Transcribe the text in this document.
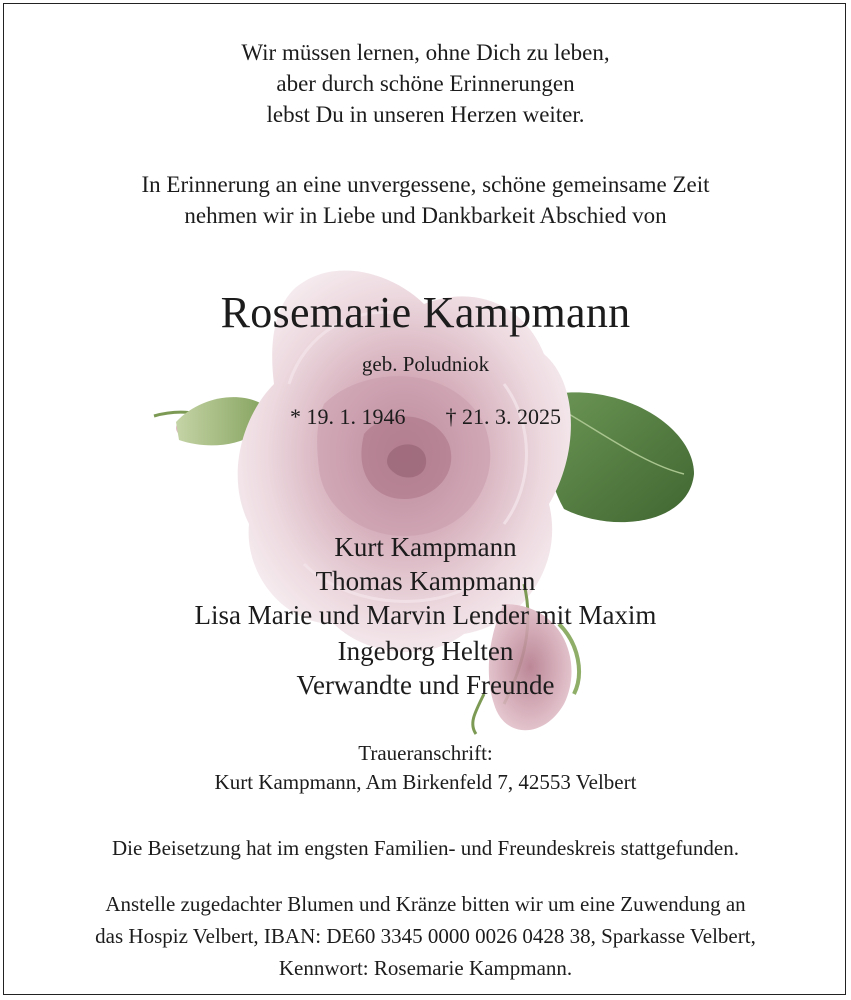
Wir müssen lernen, ohne Dich zu leben,
aber durch schöne Erinnerungen
lebst Du in unseren Herzen weiter.
In Erinnerung an eine unvergessene, schöne gemeinsame Zeit
nehmen wir in Liebe und Dankbarkeit Abschied von
Rosemarie Kampmann
geb. Poludniok
* 19. 1. 1946 † 21. 3. 2025
Kurt Kampmann
Thomas Kampmann
Lisa Marie und Marvin Lender mit Maxim
Ingeborg Helten
Verwandte und Freunde
Traueranschrift:
Kurt Kampmann, Am Birkenfeld 7, 42553 Velbert
Die Beisetzung hat im engsten Familien- und Freundeskreis stattgefunden.
Anstelle zugedachter Blumen und Kränze bitten wir um eine Zuwendung an
das Hospiz Velbert, IBAN: DE60 3345 0000 0026 0428 38, Sparkasse Velbert,
Kennwort: Rosemarie Kampmann.
